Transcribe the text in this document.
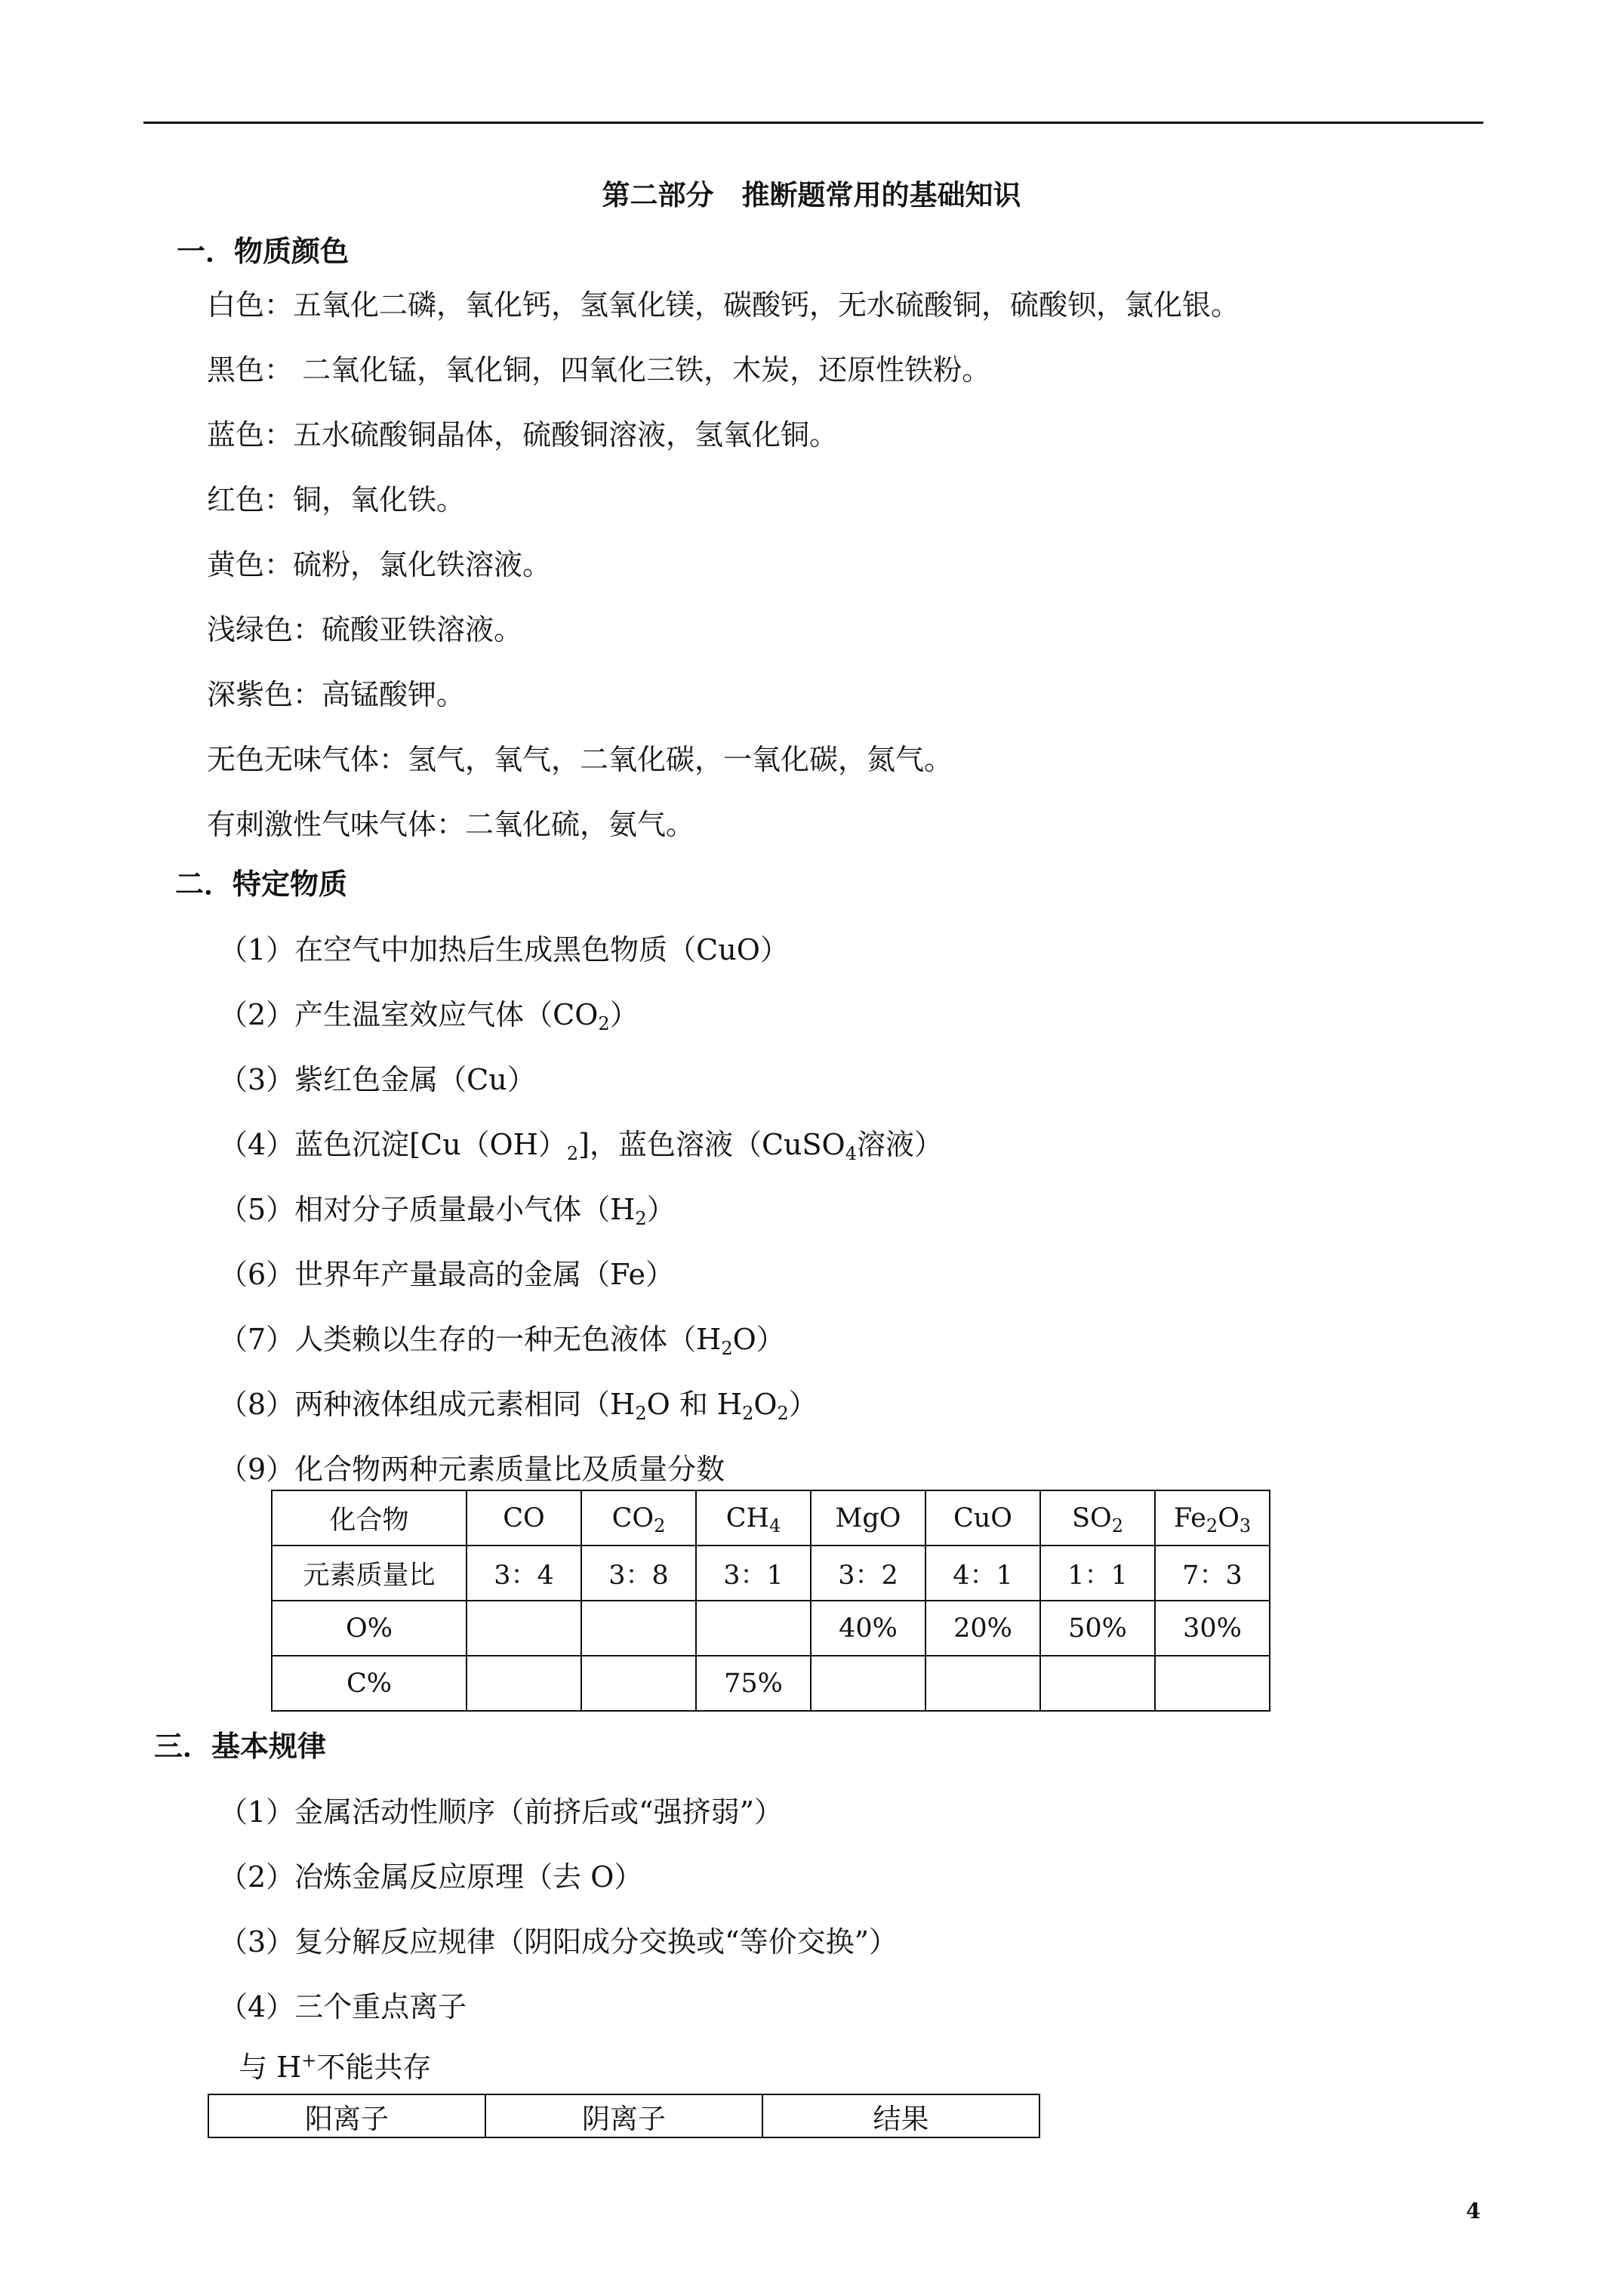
第二部分　推断题常用的基础知识
一．物质颜色
白色：五氧化二磷，氧化钙，氢氧化镁，碳酸钙，无水硫酸铜，硫酸钡，氯化银。
黑色： 二氧化锰，氧化铜，四氧化三铁，木炭，还原性铁粉。
蓝色：五水硫酸铜晶体，硫酸铜溶液，氢氧化铜。
红色：铜，氧化铁。
黄色：硫粉，氯化铁溶液。
浅绿色：硫酸亚铁溶液。
深紫色：高锰酸钾。
无色无味气体：氢气，氧气，二氧化碳，一氧化碳，氮气。
有刺激性气味气体：二氧化硫，氨气。
二．特定物质
（1）在空气中加热后生成黑色物质（CuO）
（2）产生温室效应气体$(CO_2)$
（3）紫红色金属（Cu）
（4）蓝色沉淀$[Cu(OH)_2]$，蓝色溶液（CuSO$_4$溶液）
（5）相对分子质量最小气体$(H_2)$
（6）世界年产量最高的金属（Fe）
（7）人类赖以生存的一种无色液体$(H_2O)$
（8）两种液体组成元素相同（$H_2O$ 和 $H_2O_2$）
（9）化合物两种元素质量比及质量分数
化合物	CO	$CO_2$	$CH_4$	MgO	CuO	$SO_2$	$Fe_2O_3$
元素质量比	3：4	3：8	3：1	3：2	4：1	1：1	7：3
O%				40%	20%	50%	30%
C%			75%				
三．基本规律
（1）金属活动性顺序（前挤后或“强挤弱”）
（2）冶炼金属反应原理（去 O）
（3）复分解反应规律（阴阳成分交换或“等价交换”）
（4）三个重点离子
与 H+不能共存
阳离子	阴离子	结果
4
